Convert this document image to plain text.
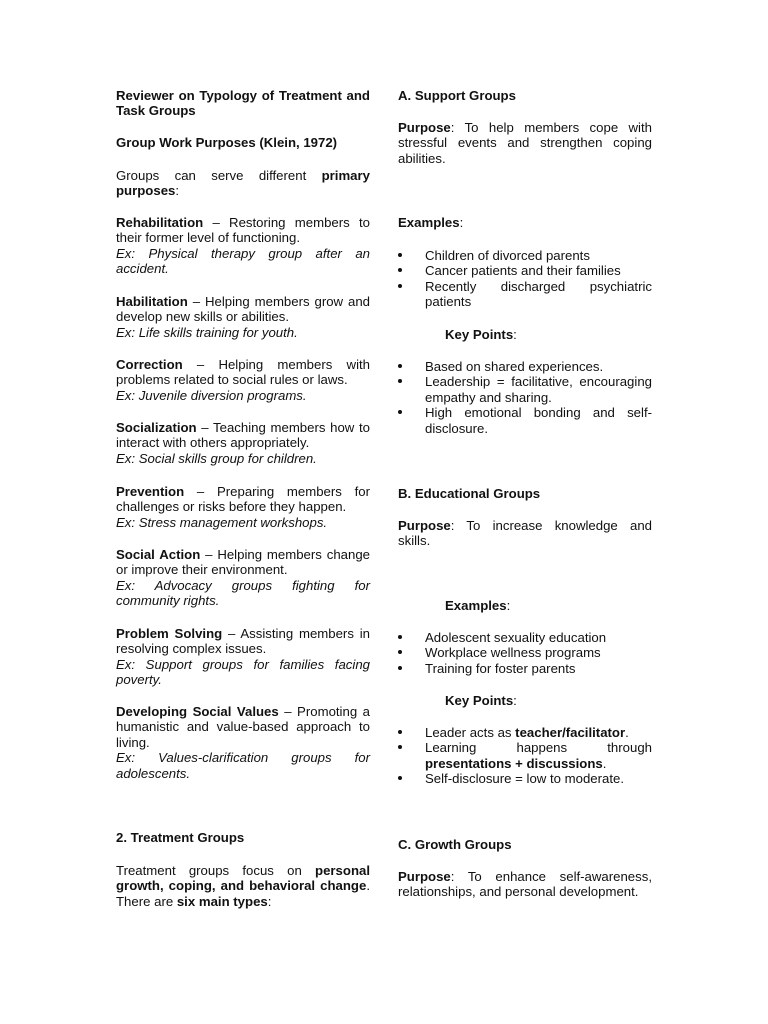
Reviewer on Typology of Treatment and Task Groups

Group Work Purposes (Klein, 1972)

Groups can serve different primary purposes:

Rehabilitation – Restoring members to their former level of functioning.
Ex: Physical therapy group after an accident.

Habilitation – Helping members grow and develop new skills or abilities.
Ex: Life skills training for youth.

Correction – Helping members with problems related to social rules or laws.
Ex: Juvenile diversion programs.

Socialization – Teaching members how to interact with others appropriately.
Ex: Social skills group for children.

Prevention – Preparing members for challenges or risks before they happen.
Ex: Stress management workshops.

Social Action – Helping members change or improve their environment.
Ex: Advocacy groups fighting for community rights.

Problem Solving – Assisting members in resolving complex issues.
Ex: Support groups for families facing poverty.

Developing Social Values – Promoting a humanistic and value-based approach to living.
Ex: Values-clarification groups for adolescents.

2. Treatment Groups

Treatment groups focus on personal growth, coping, and behavioral change. There are six main types:

A. Support Groups

Purpose: To help members cope with stressful events and strengthen coping abilities.

Examples:

Children of divorced parents
Cancer patients and their families
Recently discharged psychiatric patients

Key Points:

Based on shared experiences.
Leadership = facilitative, encouraging empathy and sharing.
High emotional bonding and self-disclosure.

B. Educational Groups

Purpose: To increase knowledge and skills.

Examples:

Adolescent sexuality education
Workplace wellness programs
Training for foster parents

Key Points:

Leader acts as teacher/facilitator.
Learning happens through presentations + discussions.
Self-disclosure = low to moderate.

C. Growth Groups

Purpose: To enhance self-awareness, relationships, and personal development.
